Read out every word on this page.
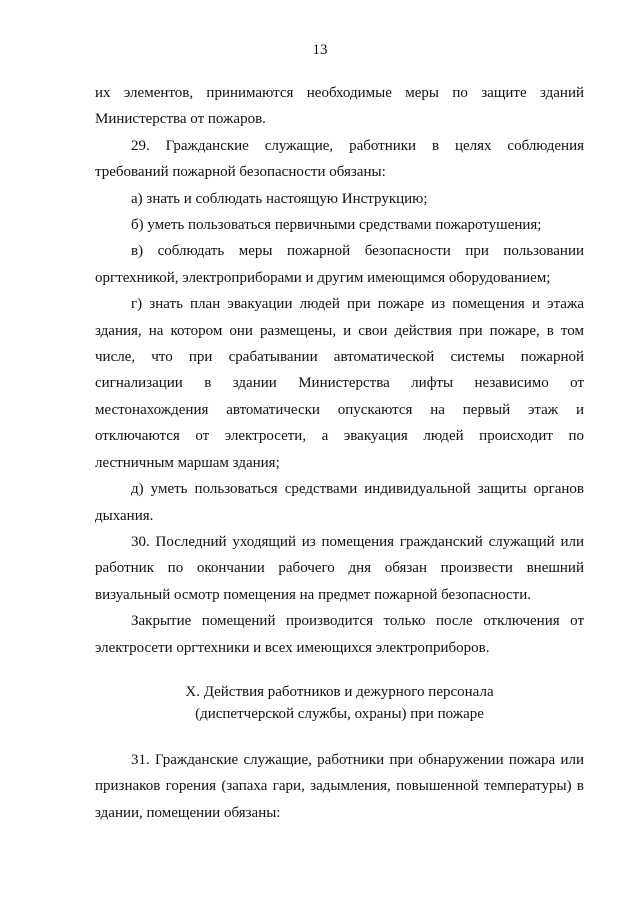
13

их элементов, принимаются необходимые меры по защите зданий Министерства от пожаров.

29. Гражданские служащие, работники в целях соблюдения требований пожарной безопасности обязаны:

а) знать и соблюдать настоящую Инструкцию;

б) уметь пользоваться первичными средствами пожаротушения;

в) соблюдать меры пожарной безопасности при пользовании оргтехникой, электроприборами и другим имеющимся оборудованием;

г) знать план эвакуации людей при пожаре из помещения и этажа здания, на котором они размещены, и свои действия при пожаре, в том числе, что при срабатывании автоматической системы пожарной сигнализации в здании Министерства лифты независимо от местонахождения автоматически опускаются на первый этаж и отключаются от электросети, а эвакуация людей происходит по лестничным маршам здания;

д) уметь пользоваться средствами индивидуальной защиты органов дыхания.

30. Последний уходящий из помещения гражданский служащий или работник по окончании рабочего дня обязан произвести внешний визуальный осмотр помещения на предмет пожарной безопасности.

Закрытие помещений производится только после отключения от электросети оргтехники и всех имеющихся электроприборов.

X. Действия работников и дежурного персонала
(диспетчерской службы, охраны) при пожаре

31. Гражданские служащие, работники при обнаружении пожара или признаков горения (запаха гари, задымления, повышенной температуры) в здании, помещении обязаны:
